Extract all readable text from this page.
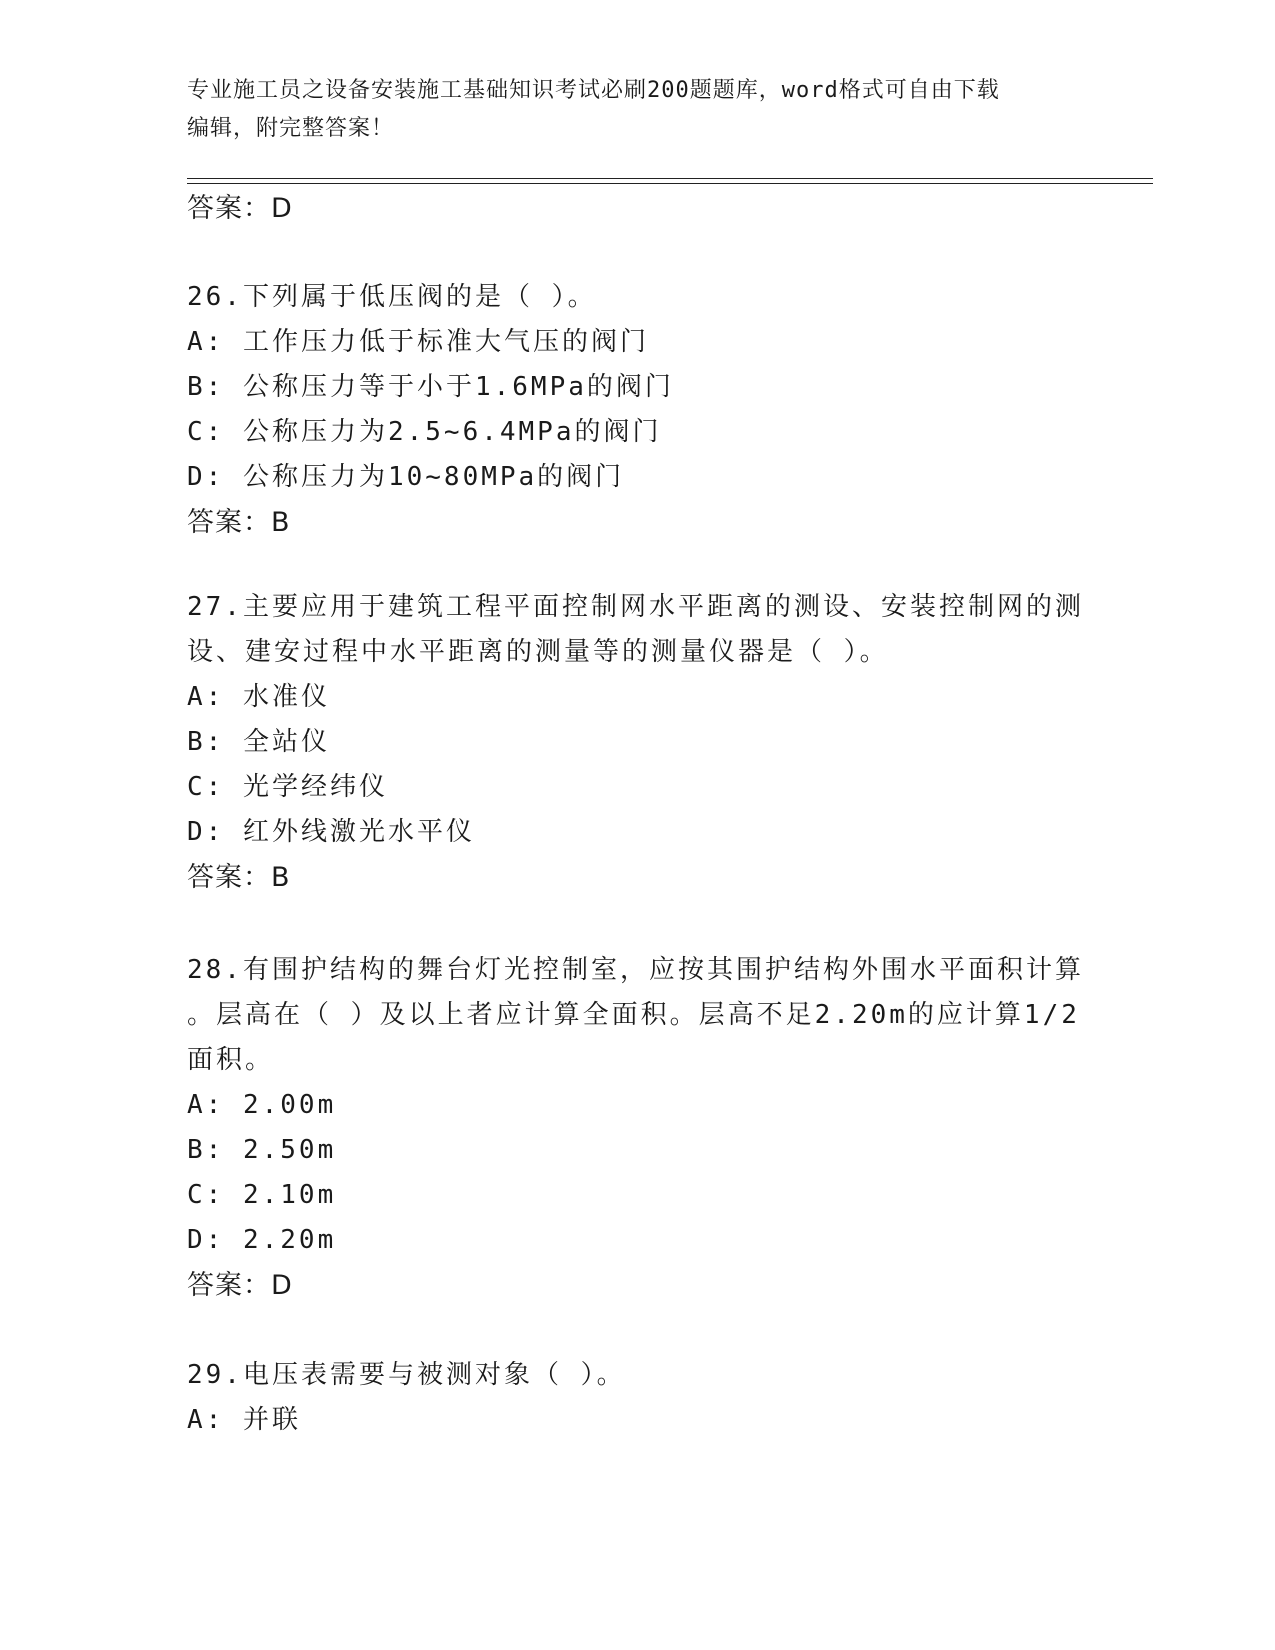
专业施工员之设备安装施工基础知识考试必刷200题题库，word格式可自由下载
编辑，附完整答案！
答案：D
26.下列属于低压阀的是（ ）。
A: 工作压力低于标准大气压的阀门
B: 公称压力等于小于1.6MPa的阀门
C: 公称压力为2.5~6.4MPa的阀门
D: 公称压力为10~80MPa的阀门
答案：B
27.主要应用于建筑工程平面控制网水平距离的测设、安装控制网的测
设、建安过程中水平距离的测量等的测量仪器是（ ）。
A: 水准仪
B: 全站仪
C: 光学经纬仪
D: 红外线激光水平仪
答案：B
28.有围护结构的舞台灯光控制室，应按其围护结构外围水平面积计算
。层高在（ ）及以上者应计算全面积。层高不足2.20m的应计算1/2
面积。
A: 2.00m
B: 2.50m
C: 2.10m
D: 2.20m
答案：D
29.电压表需要与被测对象（ ）。
A: 并联
